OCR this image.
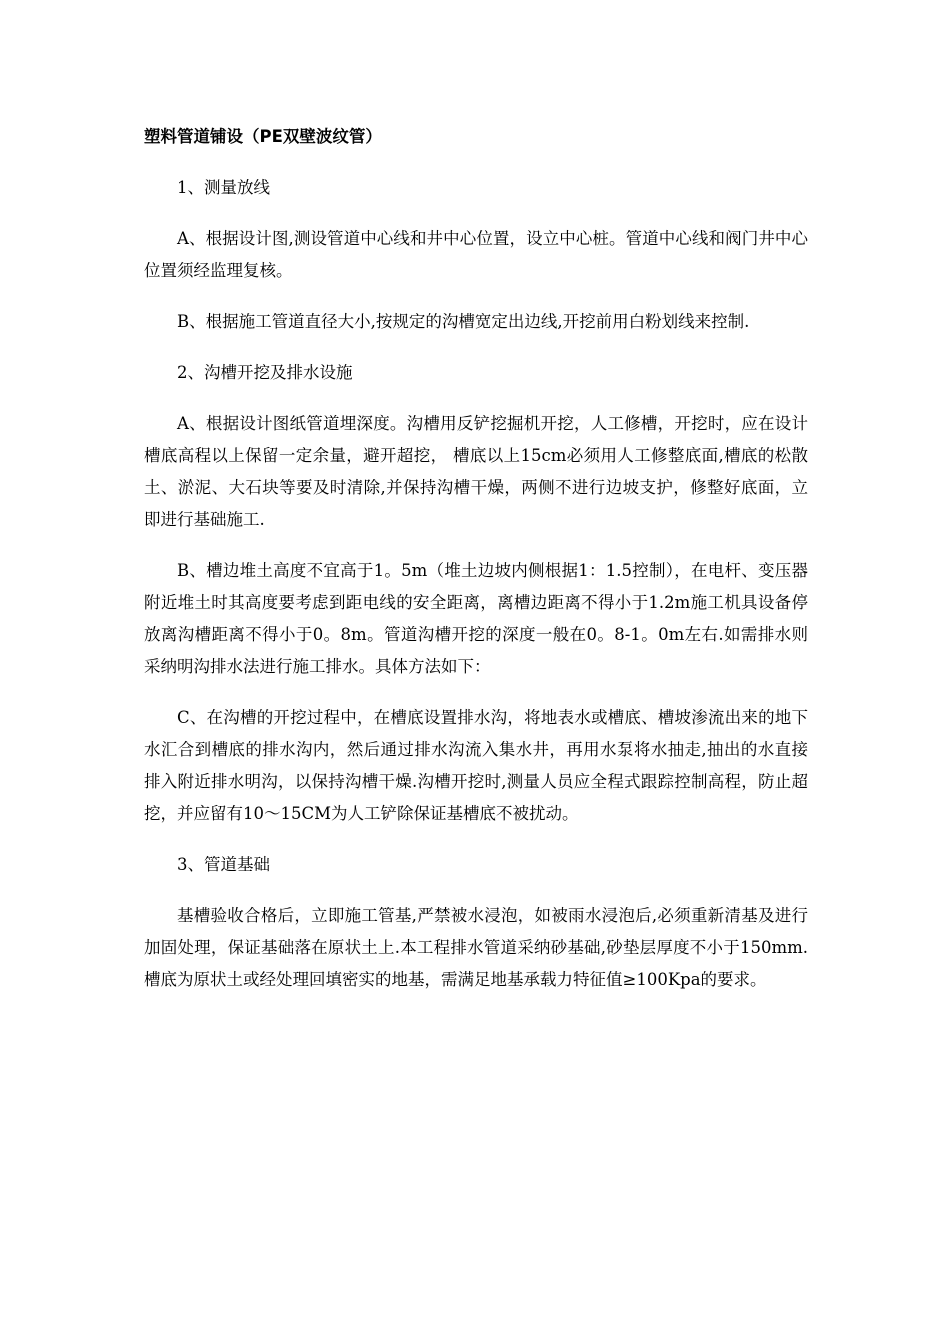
塑料管道铺设（PE双壁波纹管）
1、测量放线
A、根据设计图,测设管道中心线和井中心位置，设立中心桩。管道中心线和阀门井中心位置须经监理复核。
B、根据施工管道直径大小,按规定的沟槽宽定出边线,开挖前用白粉划线来控制.
2、沟槽开挖及排水设施
A、根据设计图纸管道埋深度。沟槽用反铲挖掘机开挖，人工修槽，开挖时，应在设计槽底高程以上保留一定余量，避开超挖， 槽底以上15cm必须用人工修整底面,槽底的松散土、淤泥、大石块等要及时清除,并保持沟槽干燥，两侧不进行边坡支护，修整好底面，立即进行基础施工.
B、槽边堆土高度不宜高于1。5m（堆土边坡内侧根据1：1.5控制），在电杆、变压器附近堆土时其高度要考虑到距电线的安全距离，离槽边距离不得小于1.2m施工机具设备停放离沟槽距离不得小于0。8m。管道沟槽开挖的深度一般在0。8-1。0m左右.如需排水则采纳明沟排水法进行施工排水。具体方法如下：
C、在沟槽的开挖过程中，在槽底设置排水沟，将地表水或槽底、槽坡渗流出来的地下水汇合到槽底的排水沟内，然后通过排水沟流入集水井，再用水泵将水抽走,抽出的水直接排入附近排水明沟，以保持沟槽干燥.沟槽开挖时,测量人员应全程式跟踪控制高程，防止超挖，并应留有10～15CM为人工铲除保证基槽底不被扰动。
3、管道基础
基槽验收合格后，立即施工管基,严禁被水浸泡，如被雨水浸泡后,必须重新清基及进行加固处理，保证基础落在原状土上.本工程排水管道采纳砂基础,砂垫层厚度不小于150mm.槽底为原状土或经处理回填密实的地基，需满足地基承载力特征值≥100Kpa的要求。
